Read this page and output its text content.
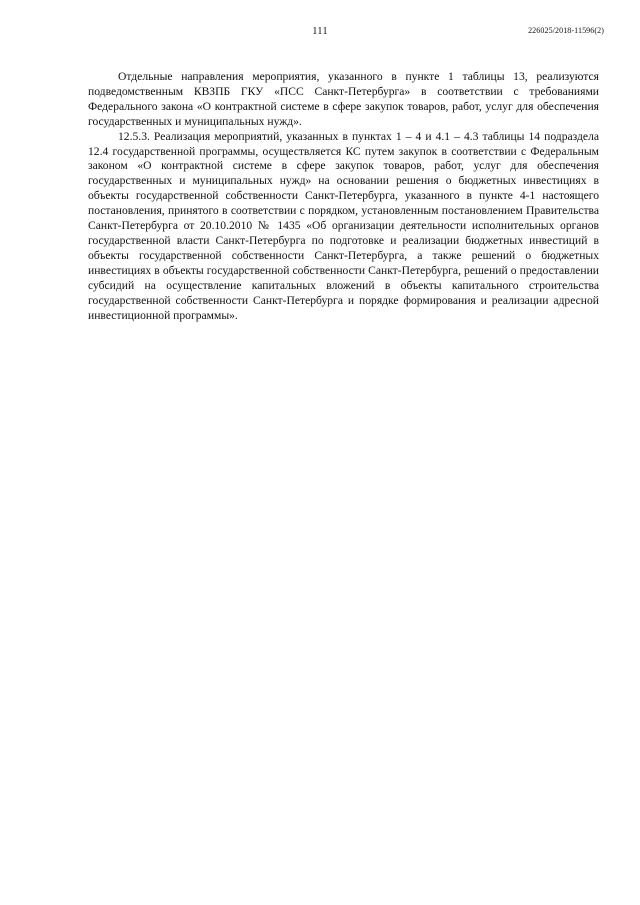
111	226025/2018-11596(2)

Отдельные направления мероприятия, указанного в пункте 1 таблицы 13, реализуются подведомственным КВЗПБ ГКУ «ПСС Санкт-Петербурга» в соответствии с требованиями Федерального закона «О контрактной системе в сфере закупок товаров, работ, услуг для обеспечения государственных и муниципальных нужд».

12.5.3. Реализация мероприятий, указанных в пунктах 1 – 4 и 4.1 – 4.3 таблицы 14 подраздела 12.4 государственной программы, осуществляется КС путем закупок в соответствии с Федеральным законом «О контрактной системе в сфере закупок товаров, работ, услуг для обеспечения государственных и муниципальных нужд» на основании решения о бюджетных инвестициях в объекты государственной собственности Санкт-Петербурга, указанного в пункте 4-1 настоящего постановления, принятого в соответствии с порядком, установленным постановлением Правительства Санкт-Петербурга от 20.10.2010 № 1435 «Об организации деятельности исполнительных органов государственной власти Санкт-Петербурга по подготовке и реализации бюджетных инвестиций в объекты государственной собственности Санкт-Петербурга, а также решений о бюджетных инвестициях в объекты государственной собственности Санкт-Петербурга, решений о предоставлении субсидий на осуществление капитальных вложений в объекты капитального строительства государственной собственности Санкт-Петербурга и порядке формирования и реализации адресной инвестиционной программы».
